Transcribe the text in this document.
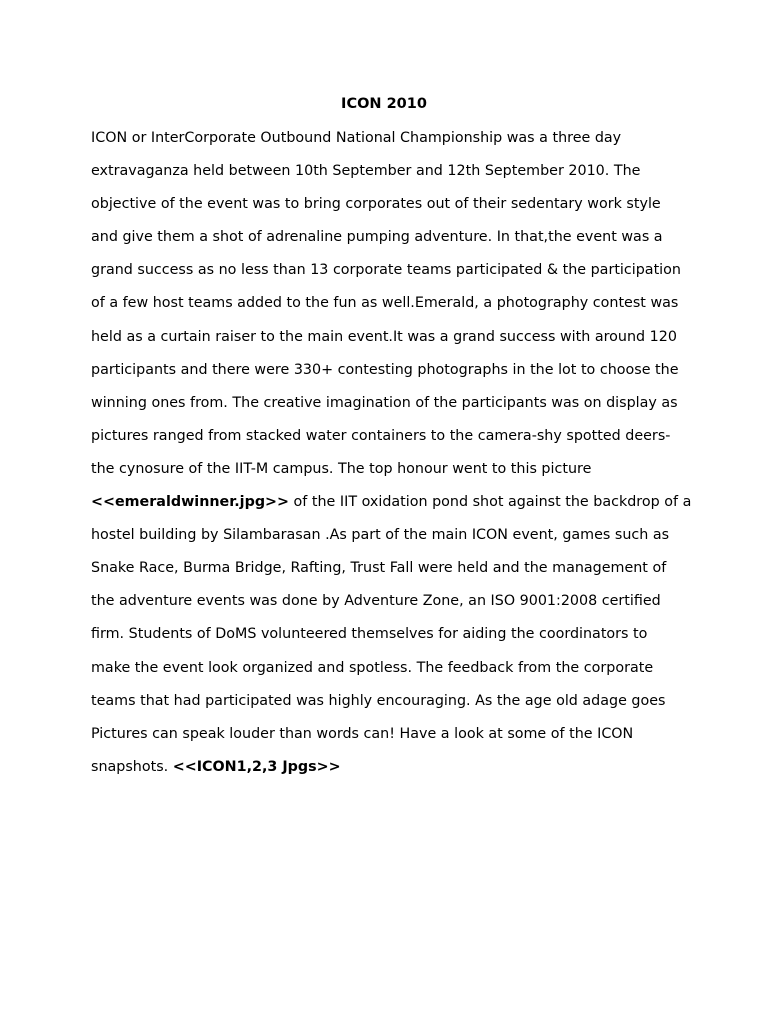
ICON 2010
ICON or InterCorporate Outbound National Championship was a three day
extravaganza held between 10th September and 12th September 2010. The
objective of the event was to bring corporates out of their sedentary work style
and give them a shot of adrenaline pumping adventure. In that,the event was a
grand success as no less than 13 corporate teams participated & the participation
of a few host teams added to the fun as well.Emerald, a photography contest was
held as a curtain raiser to the main event.It was a grand success with around 120
participants and there were 330+ contesting photographs in the lot to choose the
winning ones from. The creative imagination of the participants was on display as
pictures ranged from stacked water containers to the camera-shy spotted deers-
the cynosure of the IIT-M campus. The top honour went to this picture
<<emeraldwinner.jpg>> of the IIT oxidation pond shot against the backdrop of a
hostel building by Silambarasan .As part of the main ICON event, games such as
Snake Race, Burma Bridge, Rafting, Trust Fall were held and the management of
the adventure events was done by Adventure Zone, an ISO 9001:2008 certified
firm. Students of DoMS volunteered themselves for aiding the coordinators to
make the event look organized and spotless. The feedback from the corporate
teams that had participated was highly encouraging. As the age old adage goes
Pictures can speak louder than words can! Have a look at some of the ICON
snapshots. <<ICON1,2,3 Jpgs>>
